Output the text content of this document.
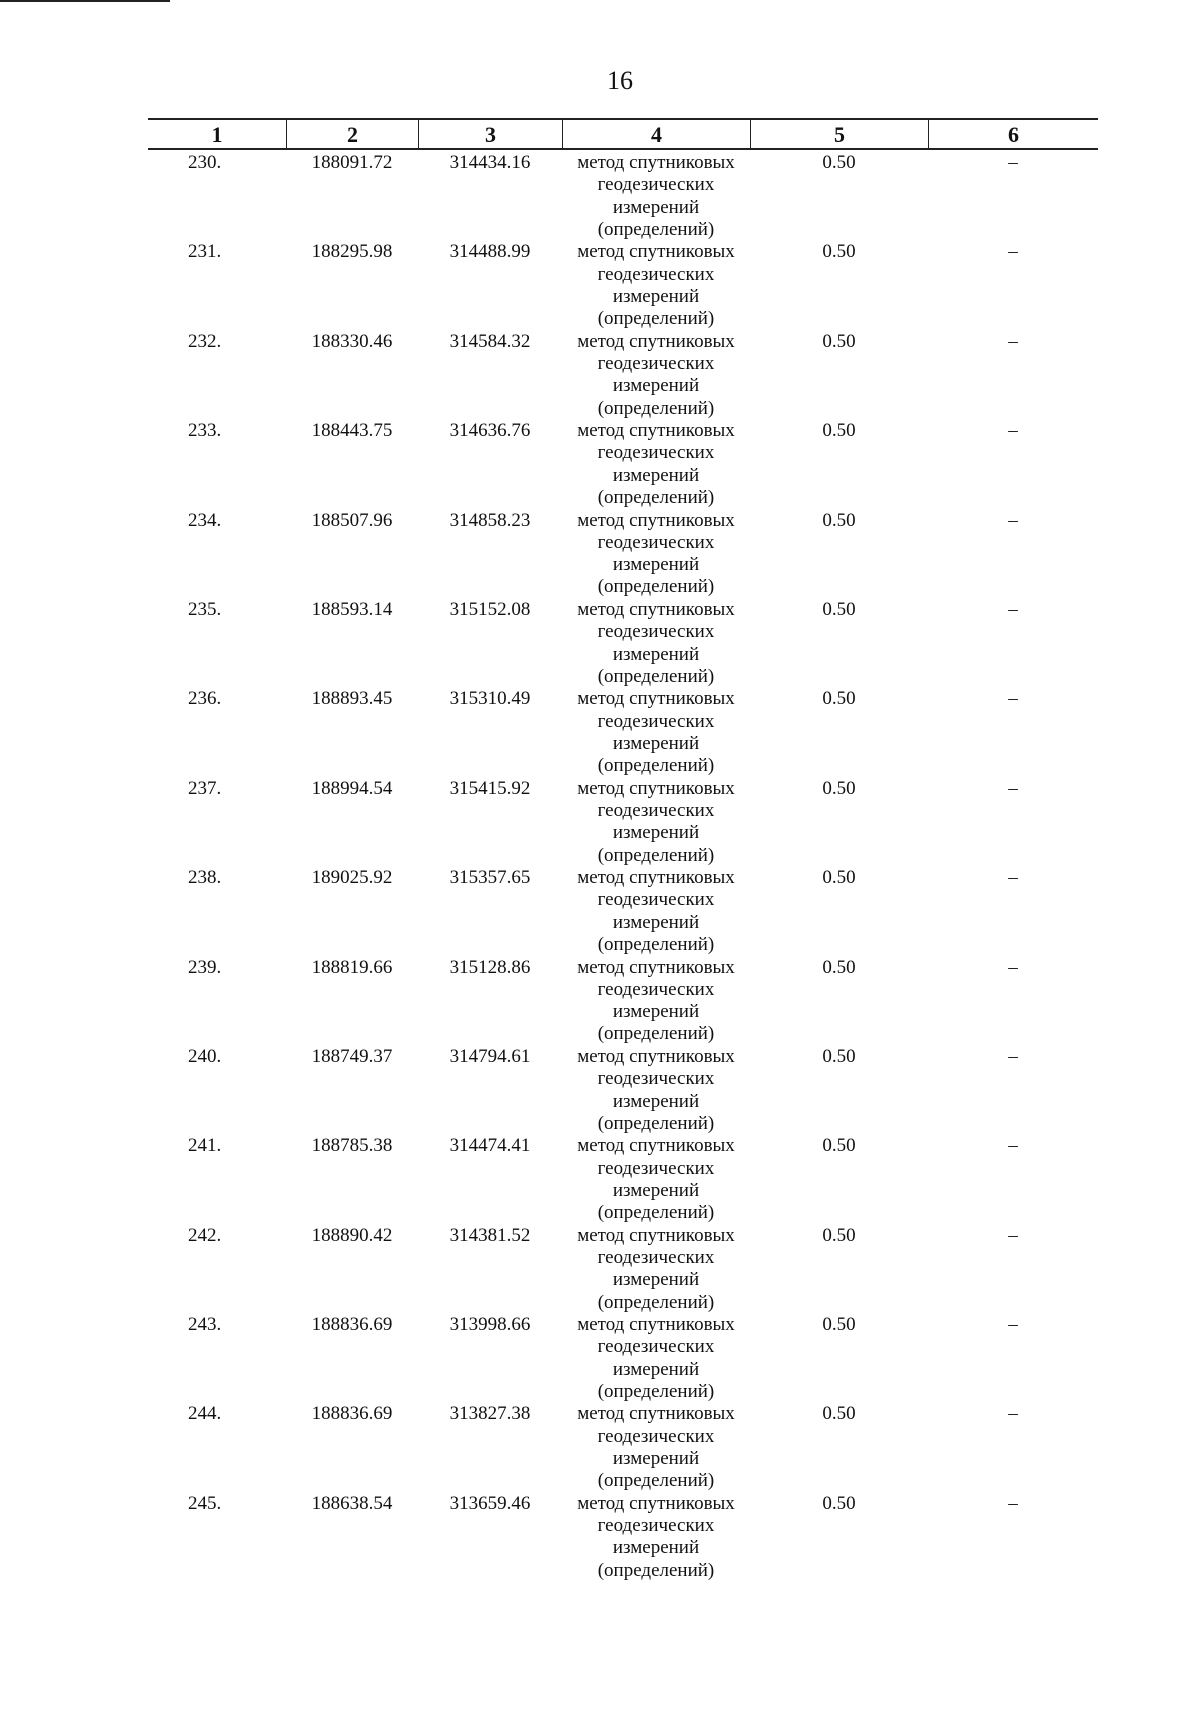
16
1	2	3	4	5	6
230.	188091.72	314434.16	метод спутниковых
геодезических
измерений
(определений)
0.50	–
231.	188295.98	314488.99	метод спутниковых
геодезических
измерений
(определений)
0.50	–
232.	188330.46	314584.32	метод спутниковых
геодезических
измерений
(определений)
0.50	–
233.	188443.75	314636.76	метод спутниковых
геодезических
измерений
(определений)
0.50	–
234.	188507.96	314858.23	метод спутниковых
геодезических
измерений
(определений)
0.50	–
235.	188593.14	315152.08	метод спутниковых
геодезических
измерений
(определений)
0.50	–
236.	188893.45	315310.49	метод спутниковых
геодезических
измерений
(определений)
0.50	–
237.	188994.54	315415.92	метод спутниковых
геодезических
измерений
(определений)
0.50	–
238.	189025.92	315357.65	метод спутниковых
геодезических
измерений
(определений)
0.50	–
239.	188819.66	315128.86	метод спутниковых
геодезических
измерений
(определений)
0.50	–
240.	188749.37	314794.61	метод спутниковых
геодезических
измерений
(определений)
0.50	–
241.	188785.38	314474.41	метод спутниковых
геодезических
измерений
(определений)
0.50	–
242.	188890.42	314381.52	метод спутниковых
геодезических
измерений
(определений)
0.50	–
243.	188836.69	313998.66	метод спутниковых
геодезических
измерений
(определений)
0.50	–
244.	188836.69	313827.38	метод спутниковых
геодезических
измерений
(определений)
0.50	–
245.	188638.54	313659.46	метод спутниковых
геодезических
измерений
(определений)
0.50	–
